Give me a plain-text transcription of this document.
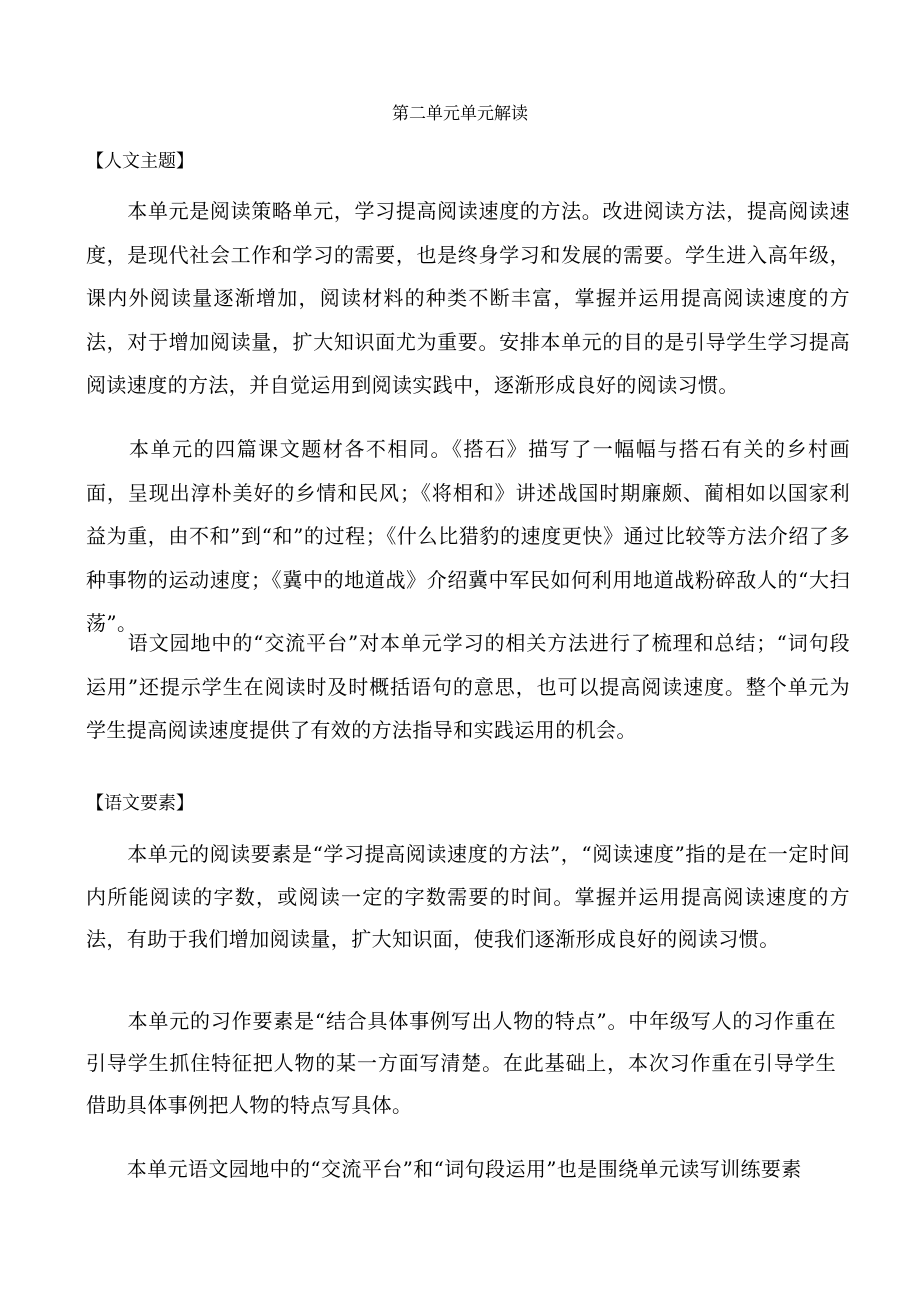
第二单元单元解读
【人文主题】
　　本单元是阅读策略单元，学习提高阅读速度的方法。改进阅读方法，提高阅读速度，是现代社会工作和学习的需要，也是终身学习和发展的需要。学生进入高年级，课内外阅读量逐渐增加，阅读材料的种类不断丰富，掌握并运用提高阅读速度的方法，对于增加阅读量，扩大知识面尤为重要。安排本单元的目的是引导学生学习提高阅读速度的方法，并自觉运用到阅读实践中，逐渐形成良好的阅读习惯。
　　本单元的四篇课文题材各不相同。《搭石》描写了一幅幅与搭石有关的乡村画面，呈现出淳朴美好的乡情和民风；《将相和》讲述战国时期廉颇、蔺相如以国家利益为重，由不和”到“和”的过程；《什么比猎豹的速度更快》通过比较等方法介绍了多种事物的运动速度；《冀中的地道战》介绍冀中军民如何利用地道战粉碎敌人的“大扫荡”。
　　语文园地中的“交流平台”对本单元学习的相关方法进行了梳理和总结；“词句段运用”还提示学生在阅读时及时概括语句的意思，也可以提高阅读速度。整个单元为学生提高阅读速度提供了有效的方法指导和实践运用的机会。
【语文要素】
　　本单元的阅读要素是“学习提高阅读速度的方法”，“阅读速度”指的是在一定时间内所能阅读的字数，或阅读一定的字数需要的时间。掌握并运用提高阅读速度的方法，有助于我们增加阅读量，扩大知识面，使我们逐渐形成良好的阅读习惯。
　　本单元的习作要素是“结合具体事例写出人物的特点”。中年级写人的习作重在引导学生抓住特征把人物的某一方面写清楚。在此基础上，本次习作重在引导学生借助具体事例把人物的特点写具体。
　　本单元语文园地中的“交流平台”和“词句段运用”也是围绕单元读写训练要素
